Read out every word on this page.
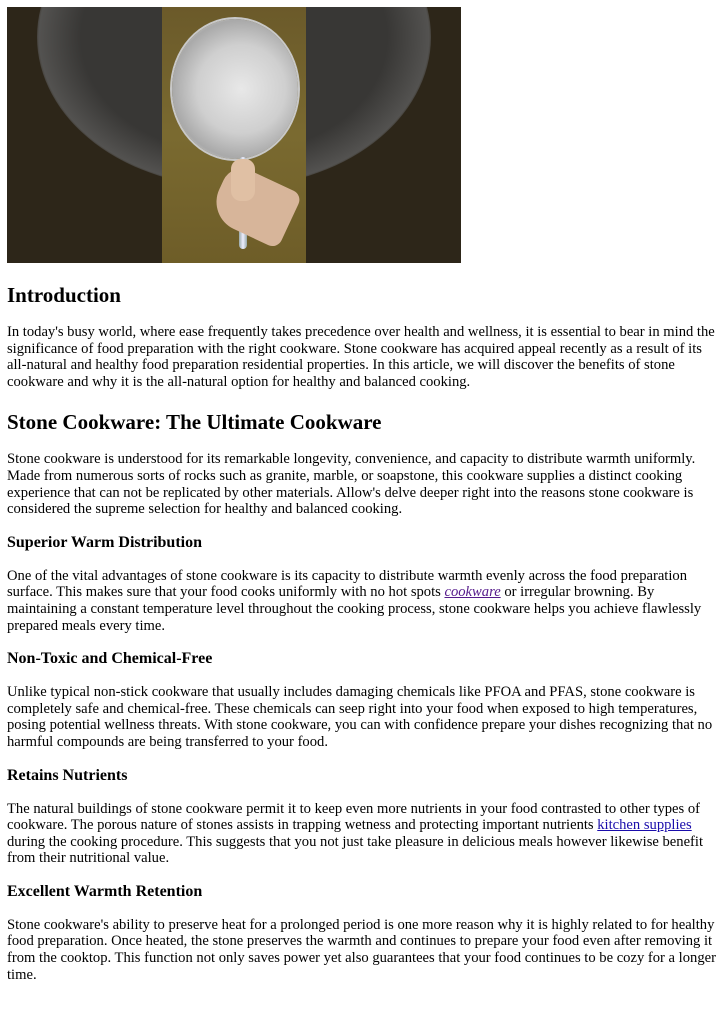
Introduction

In today's busy world, where ease frequently takes precedence over health and wellness, it is essential to bear in mind the significance of food preparation with the right cookware. Stone cookware has acquired appeal recently as a result of its all-natural and healthy food preparation residential properties. In this article, we will discover the benefits of stone cookware and why it is the all-natural option for healthy and balanced cooking.

Stone Cookware: The Ultimate Cookware

Stone cookware is understood for its remarkable longevity, convenience, and capacity to distribute warmth uniformly. Made from numerous sorts of rocks such as granite, marble, or soapstone, this cookware supplies a distinct cooking experience that can not be replicated by other materials. Allow's delve deeper right into the reasons stone cookware is considered the supreme selection for healthy and balanced cooking.

Superior Warm Distribution

One of the vital advantages of stone cookware is its capacity to distribute warmth evenly across the food preparation surface. This makes sure that your food cooks uniformly with no hot spots cookware or irregular browning. By maintaining a constant temperature level throughout the cooking process, stone cookware helps you achieve flawlessly prepared meals every time.

Non-Toxic and Chemical-Free

Unlike typical non-stick cookware that usually includes damaging chemicals like PFOA and PFAS, stone cookware is completely safe and chemical-free. These chemicals can seep right into your food when exposed to high temperatures, posing potential wellness threats. With stone cookware, you can with confidence prepare your dishes recognizing that no harmful compounds are being transferred to your food.

Retains Nutrients

The natural buildings of stone cookware permit it to keep even more nutrients in your food contrasted to other types of cookware. The porous nature of stones assists in trapping wetness and protecting important nutrients kitchen supplies during the cooking procedure. This suggests that you not just take pleasure in delicious meals however likewise benefit from their nutritional value.

Excellent Warmth Retention

Stone cookware's ability to preserve heat for a prolonged period is one more reason why it is highly related to for healthy food preparation. Once heated, the stone preserves the warmth and continues to prepare your food even after removing it from the cooktop. This function not only saves power yet also guarantees that your food continues to be cozy for a longer time.
